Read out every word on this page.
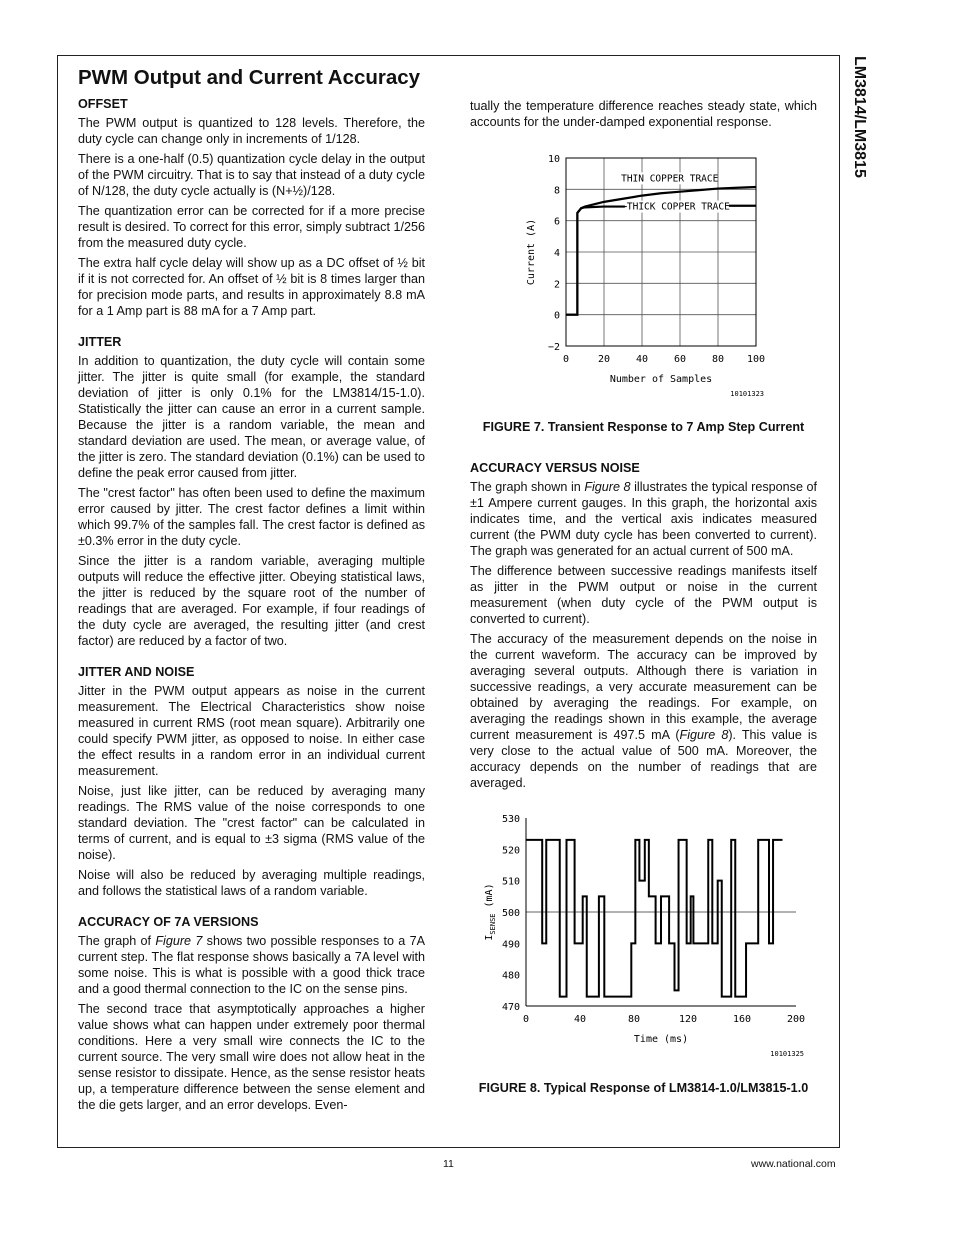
LM3814/LM3815
PWM Output and Current Accuracy
OFFSET

The PWM output is quantized to 128 levels. Therefore, the duty cycle can change only in increments of 1/128.

There is a one-half (0.5) quantization cycle delay in the output of the PWM circuitry. That is to say that instead of a duty cycle of N/128, the duty cycle actually is (N+½)/128.

The quantization error can be corrected for if a more precise result is desired. To correct for this error, simply subtract 1/256 from the measured duty cycle.

The extra half cycle delay will show up as a DC offset of ½ bit if it is not corrected for. An offset of ½ bit is 8 times larger than for precision mode parts, and results in approximately 8.8 mA for a 1 Amp part is 88 mA for a 7 Amp part.

JITTER

In addition to quantization, the duty cycle will contain some jitter. The jitter is quite small (for example, the standard deviation of jitter is only 0.1% for the LM3814/15-1.0). Statistically the jitter can cause an error in a current sample. Because the jitter is a random variable, the mean and standard deviation are used. The mean, or average value, of the jitter is zero. The standard deviation (0.1%) can be used to define the peak error caused from jitter.

The "crest factor" has often been used to define the maximum error caused by jitter. The crest factor defines a limit within which 99.7% of the samples fall. The crest factor is defined as ±0.3% error in the duty cycle.

Since the jitter is a random variable, averaging multiple outputs will reduce the effective jitter. Obeying statistical laws, the jitter is reduced by the square root of the number of readings that are averaged. For example, if four readings of the duty cycle are averaged, the resulting jitter (and crest factor) are reduced by a factor of two.

JITTER AND NOISE

Jitter in the PWM output appears as noise in the current measurement. The Electrical Characteristics show noise measured in current RMS (root mean square). Arbitrarily one could specify PWM jitter, as opposed to noise. In either case the effect results in a random error in an individual current measurement.

Noise, just like jitter, can be reduced by averaging many readings. The RMS value of the noise corresponds to one standard deviation. The "crest factor" can be calculated in terms of current, and is equal to ±3 sigma (RMS value of the noise).

Noise will also be reduced by averaging multiple readings, and follows the statistical laws of a random variable.

ACCURACY OF 7A VERSIONS

The graph of Figure 7 shows two possible responses to a 7A current step. The flat response shows basically a 7A level with some noise. This is what is possible with a good thick trace and a good thermal connection to the IC on the sense pins.

The second trace that asymptotically approaches a higher value shows what can happen under extremely poor thermal conditions. Here a very small wire connects the IC to the current source. The very small wire does not allow heat in the sense resistor to dissipate. Hence, as the sense resistor heats up, a temperature difference between the sense element and the die gets larger, and an error develops. Even-

tually the temperature difference reaches steady state, which accounts for the under-damped exponential response.

−2
0
2
4
6
8
10
0	20	40	60	80 100
Number of Samples
Current (A)
THIN COPPER TRACE
THICK COPPER TRACE
10101323
FIGURE 7. Transient Response to 7 Amp Step Current
ACCURACY VERSUS NOISE

The graph shown in Figure 8 illustrates the typical response of ±1 Ampere current gauges. In this graph, the horizontal axis indicates time, and the vertical axis indicates measured current (the PWM duty cycle has been converted to current). The graph was generated for an actual current of 500 mA.

The difference between successive readings manifests itself as jitter in the PWM output or noise in the current measurement (when duty cycle of the PWM output is converted to current).

The accuracy of the measurement depends on the noise in the current waveform. The accuracy can be improved by averaging several outputs. Although there is variation in successive readings, a very accurate measurement can be obtained by averaging the readings. For example, on averaging the readings shown in this example, the average current measurement is 497.5 mA (Figure 8). This value is very close to the actual value of 500 mA. Moreover, the accuracy depends on the number of readings that are averaged.

470
480
490
500
510
520
530
0	40	80	120	160	200
Time (ms)
$I_{SENSE}$ (mA)
10101325
FIGURE 8. Typical Response of LM3814-1.0/LM3815-1.0
11	www.national.com
